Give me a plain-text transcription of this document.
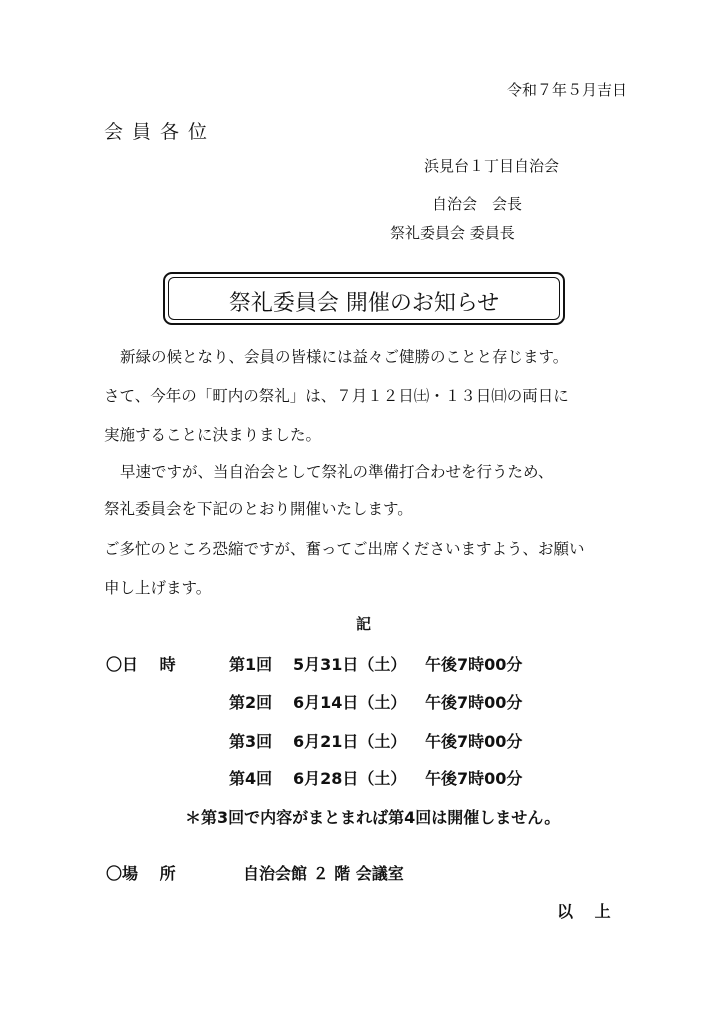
令和７年５月吉日
会員各位
浜見台１丁目自治会
自治会　会長
祭礼委員会 委員長
祭礼委員会 開催のお知らせ
新緑の候となり、会員の皆様には益々ご健勝のことと存じます。
さて、今年の「町内の祭礼」は、７月１２日㈯・１３日㈰の両日に
実施することに決まりました。
早速ですが、当自治会として祭礼の準備打合わせを行うため、
祭礼委員会を下記のとおり開催いたします。
ご多忙のところ恐縮ですが、奮ってご出席くださいますよう、お願い
申し上げます。
記
〇日　 時	第1回 5月31日（土） 午後7時00分
第2回 6月14日（土） 午後7時00分
第3回 6月21日（土） 午後7時00分
第4回 6月28日（土） 午後7時00分
＊第3回で内容がまとまれば第4回は開催しません。
〇場　 所	自治会館 ２ 階 会議室
以 上
